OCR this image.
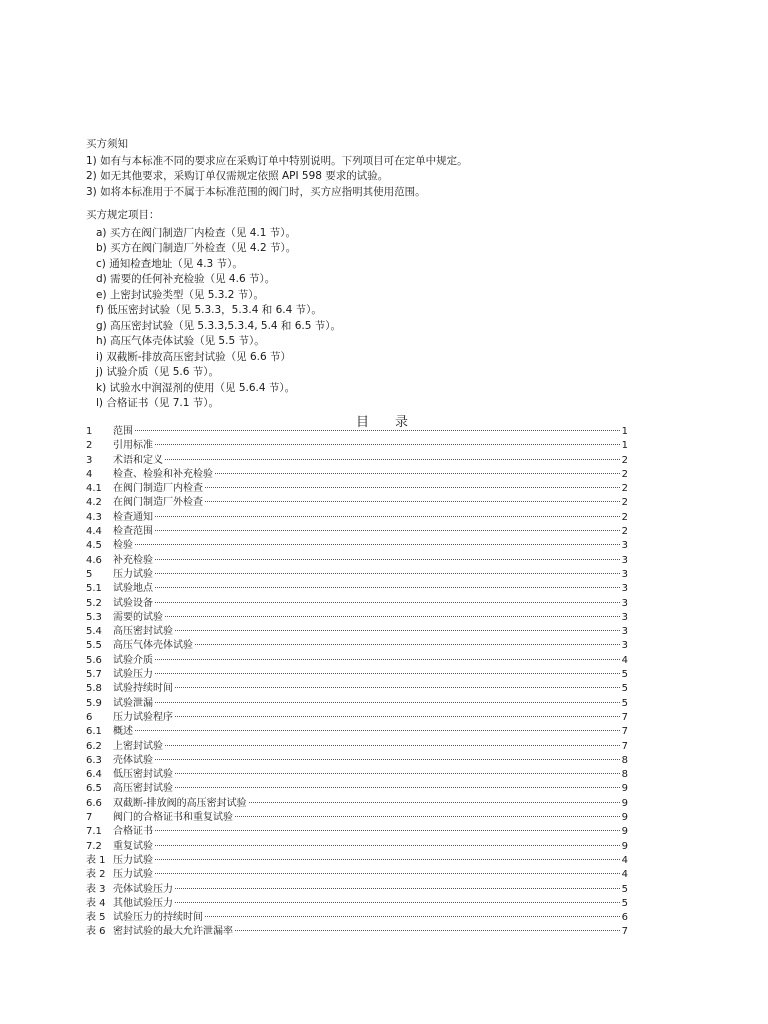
买方须知
1) 如有与本标准不同的要求应在采购订单中特别说明。下列项目可在定单中规定。
2) 如无其他要求，采购订单仅需规定依照 API 598 要求的试验。
3) 如将本标准用于不属于本标准范围的阀门时，买方应指明其使用范围。
买方规定项目：
a) 买方在阀门制造厂内检查（见 4.1 节）。
b) 买方在阀门制造厂外检查（见 4.2 节）。
c) 通知检查地址（见 4.3 节）。
d) 需要的任何补充检验（见 4.6 节）。
e) 上密封试验类型（见 5.3.2 节）。
f) 低压密封试验（见 5.3.3，5.3.4 和 6.4 节）。
g) 高压密封试验（见 5.3.3,5.3.4, 5.4 和 6.5 节）。
h) 高压气体壳体试验（见 5.5 节）。
i) 双截断-排放高压密封试验（见 6.6 节）
j) 试验介质（见 5.6 节）。
k) 试验水中润湿剂的使用（见 5.6.4 节）。
l) 合格证书（见 7.1 节）。
目录
1	范围	1
2	引用标准	1
3	术语和定义	2
4	检查、检验和补充检验	2
4.1	在阀门制造厂内检查	2
4.2	在阀门制造厂外检查	2
4.3	检查通知	2
4.4	检查范围	2
4.5	检验	3
4.6	补充检验	3
5	压力试验	3
5.1	试验地点	3
5.2	试验设备	3
5.3	需要的试验	3
5.4	高压密封试验	3
5.5	高压气体壳体试验	3
5.6	试验介质	4
5.7	试验压力	5
5.8	试验持续时间	5
5.9	试验泄漏	5
6	压力试验程序	7
6.1	概述	7
6.2	上密封试验	7
6.3	壳体试验	8
6.4	低压密封试验	8
6.5	高压密封试验	9
6.6	双截断-排放阀的高压密封试验	9
7	阀门的合格证书和重复试验	9
7.1	合格证书	9
7.2	重复试验	9
表 1 压力试验	4
表 2 压力试验	4
表 3 壳体试验压力	5
表 4 其他试验压力	5
表 5 试验压力的持续时间	6
表 6 密封试验的最大允许泄漏率	7
